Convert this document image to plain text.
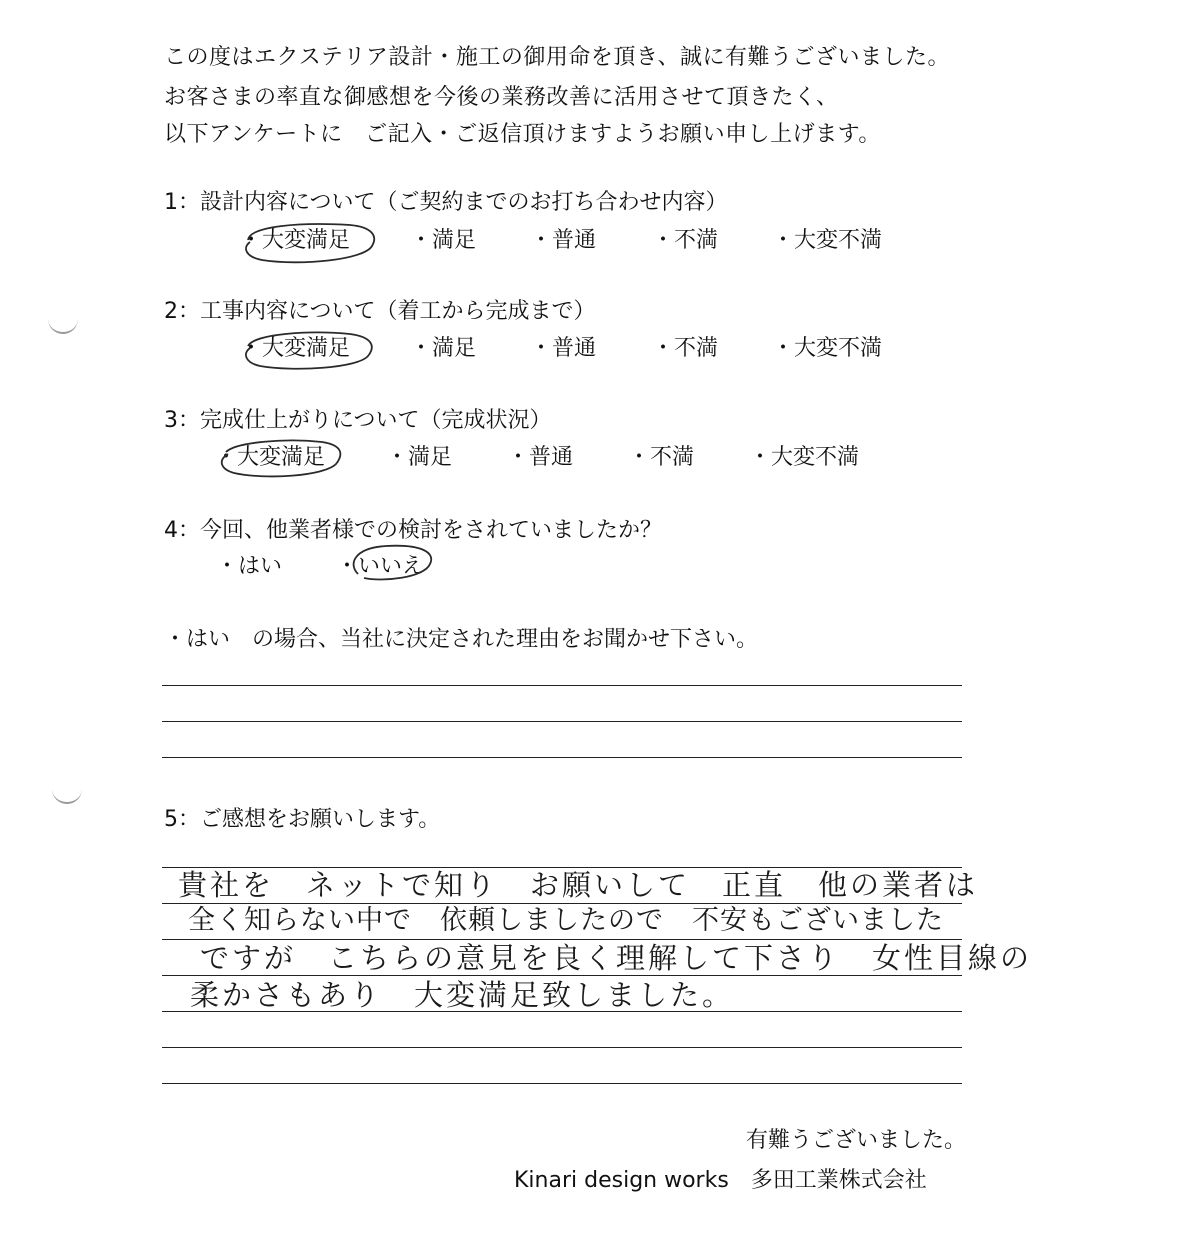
この度はエクステリア設計・施工の御用命を頂き、誠に有難うございました。
お客さまの率直な御感想を今後の業務改善に活用させて頂きたく、
以下アンケートに　ご記入・ご返信頂けますようお願い申し上げます。
1：設計内容について（ご契約までのお打ち合わせ内容）
・大変満足	・満足 ・普通	・不満 ・大変不満
2：工事内容について（着工から完成まで）
・大変満足	・満足 ・普通	・不満 ・大変不満
3：完成仕上がりについて（完成状況）
・大変満足	・満足 ・普通 ・不満 ・大変不満
4：今回、他業者様での検討をされていましたか？
・はい ・いいえ
・はい　の場合、当社に決定された理由をお聞かせ下さい。
5：ご感想をお願いします。
貴社を　ネットで知り　お願いして　正直　他の業者は
全く知らない中で　依頼しましたので　不安もございました
ですが　こちらの意見を良く理解して下さり　女性目線の
柔かさもあり　大変満足致しました。
有難うございました。
Kinari design works　多田工業株式会社
